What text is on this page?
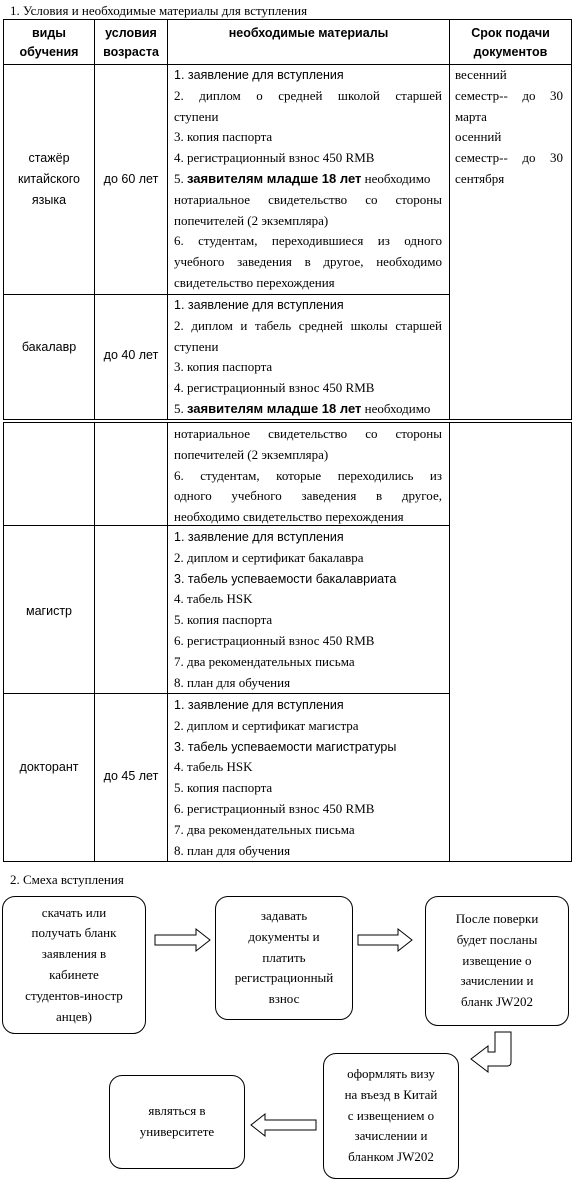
1. Условия и необходимые материалы для вступления
виды
обучения
условия
возраста
необходимые материалы	Срок подачи
документов
стажёр
китайского
языка
до 60 лет
1. заявление для вступления
2. диплом о средней школой старшей
ступени
3. копия паспорта
4. регистрационный взнос 450 RMB
5. заявителям младше 18 лет необходимо
нотариальное свидетельство со стороны
попечителей (2 экземпляра)
6. студентам, переходившиеся из одного
учебного заведения в другое, необходимо
свидетельство перехождения
весенний
семестр-- до 30
марта
осенний
семестр-- до 30
сентября
бакалавр
до 40 лет
1. заявление для вступления
2. диплом и табель средней школы старшей
ступени
3. копия паспорта
4. регистрационный взнос 450 RMB
5. заявителям младше 18 лет необходимо
нотариальное свидетельство со стороны
попечителей (2 экземпляра)
6. студентам, которые переходились из
одного учебного заведения в другое,
необходимо свидетельство перехождения
магистр
1. заявление для вступления
2. диплом и сертификат бакалавра
3. табель успеваемости бакалавриата
4. табель HSK
5. копия паспорта
6. регистрационный взнос 450 RMB
7. два рекомендательных письма
8. план для обучения
докторант
до 45 лет
1. заявление для вступления
2. диплом и сертификат магистра
3. табель успеваемости магистратуры
4. табель HSK
5. копия паспорта
6. регистрационный взнос 450 RMB
7. два рекомендательных письма
8. план для обучения
2. Смеха вступления
скачать или
получать бланк
заявления в
кабинете
студентов-иностр
анцев)
задавать
документы и
платить
регистрационный
взнос
После поверки
будет посланы
извещение о
зачислении и
бланк JW202
оформлять визу
на въезд в Китай
с извещением о
зачислении и
бланком JW202
являться в
университете
